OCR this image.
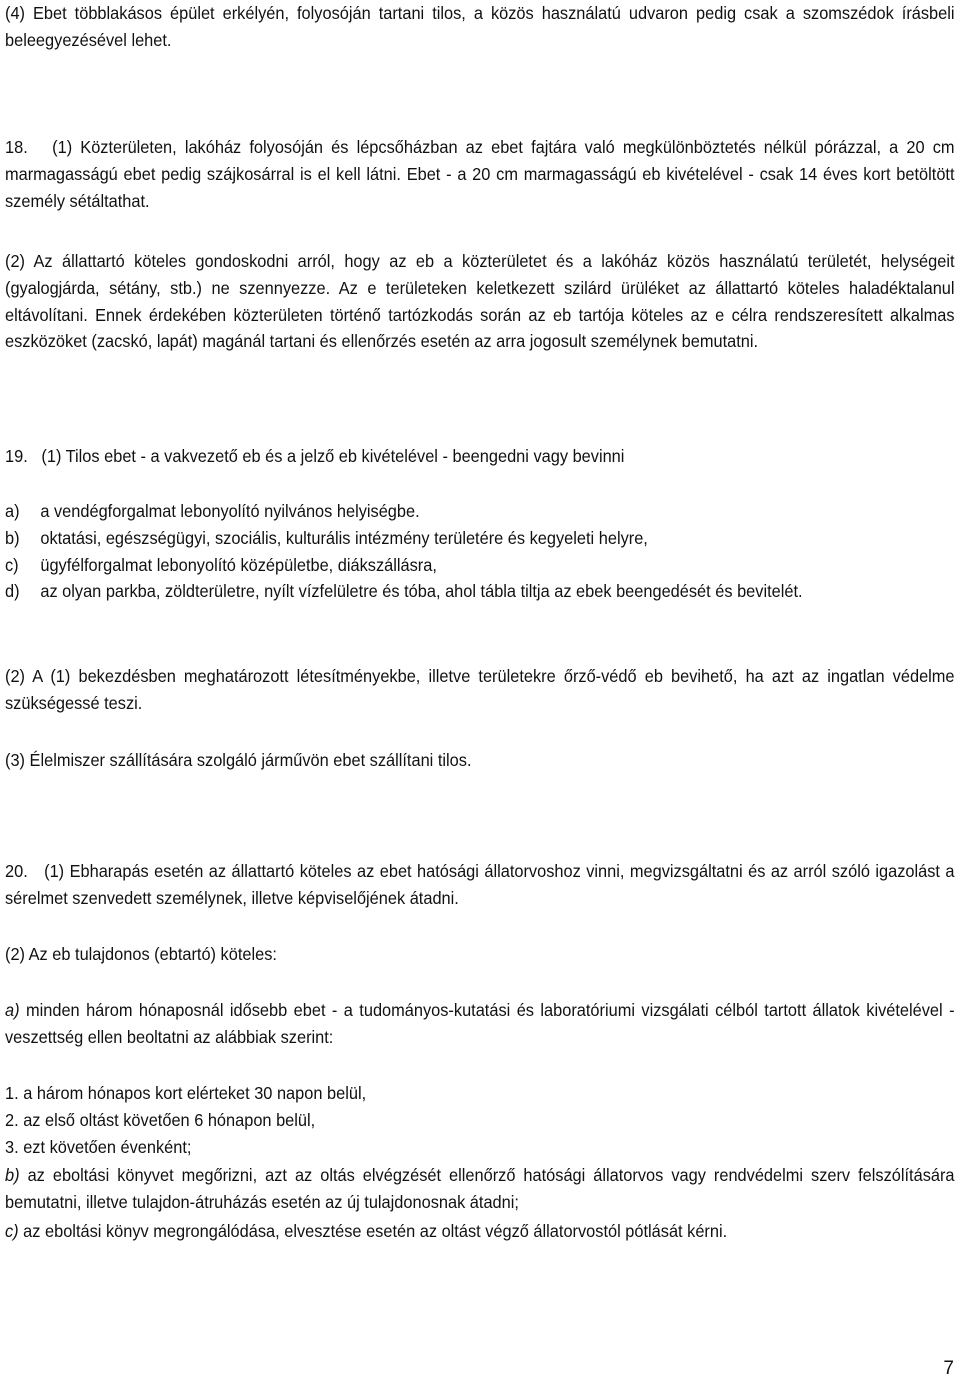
(4) Ebet többlakásos épület erkélyén, folyosóján tartani tilos, a közös használatú udvaron pedig csak a szomszédok írásbeli beleegyezésével lehet.

18. (1) Közterületen, lakóház folyosóján és lépcsőházban az ebet fajtára való megkülönböztetés nélkül pórázzal, a 20 cm marmagasságú ebet pedig szájkosárral is el kell látni. Ebet - a 20 cm marmagasságú eb kivételével - csak 14 éves kort betöltött személy sétáltathat.

(2) Az állattartó köteles gondoskodni arról, hogy az eb a közterületet és a lakóház közös használatú területét, helységeit (gyalogjárda, sétány, stb.) ne szennyezze. Az e területeken keletkezett szilárd ürüléket az állattartó köteles haladéktalanul eltávolítani. Ennek érdekében közterületen történő tartózkodás során az eb tartója köteles az e célra rendszeresített alkalmas eszközöket (zacskó, lapát) magánál tartani és ellenőrzés esetén az arra jogosult személynek bemutatni.

19. (1) Tilos ebet - a vakvezető eb és a jelző eb kivételével - beengedni vagy bevinni

a)	a vendégforgalmat lebonyolító nyilvános helyiségbe.
b)	oktatási, egészségügyi, szociális, kulturális intézmény területére és kegyeleti helyre,
c)	ügyfélforgalmat lebonyolító középületbe, diákszállásra,
d)	az olyan parkba, zöldterületre, nyílt vízfelületre és tóba, ahol tábla tiltja az ebek beengedését és bevitelét.

(2) A (1) bekezdésben meghatározott létesítményekbe, illetve területekre őrző-védő eb bevihető, ha azt az ingatlan védelme szükségessé teszi.

(3) Élelmiszer szállítására szolgáló járművön ebet szállítani tilos.

20. (1) Ebharapás esetén az állattartó köteles az ebet hatósági állatorvoshoz vinni, megvizsgáltatni és az arról szóló igazolást a sérelmet szenvedett személynek, illetve képviselőjének átadni.

(2) Az eb tulajdonos (ebtartó) köteles:

a) minden három hónaposnál idősebb ebet - a tudományos-kutatási és laboratóriumi vizsgálati célból tartott állatok kivételével - veszettség ellen beoltatni az alábbiak szerint:

1. a három hónapos kort elérteket 30 napon belül,

2. az első oltást követően 6 hónapon belül,

3. ezt követően évenként;

b) az eboltási könyvet megőrizni, azt az oltás elvégzését ellenőrző hatósági állatorvos vagy rendvédelmi szerv felszólítására bemutatni, illetve tulajdon-átruházás esetén az új tulajdonosnak átadni;

c) az eboltási könyv megrongálódása, elvesztése esetén az oltást végző állatorvostól pótlását kérni.

7
